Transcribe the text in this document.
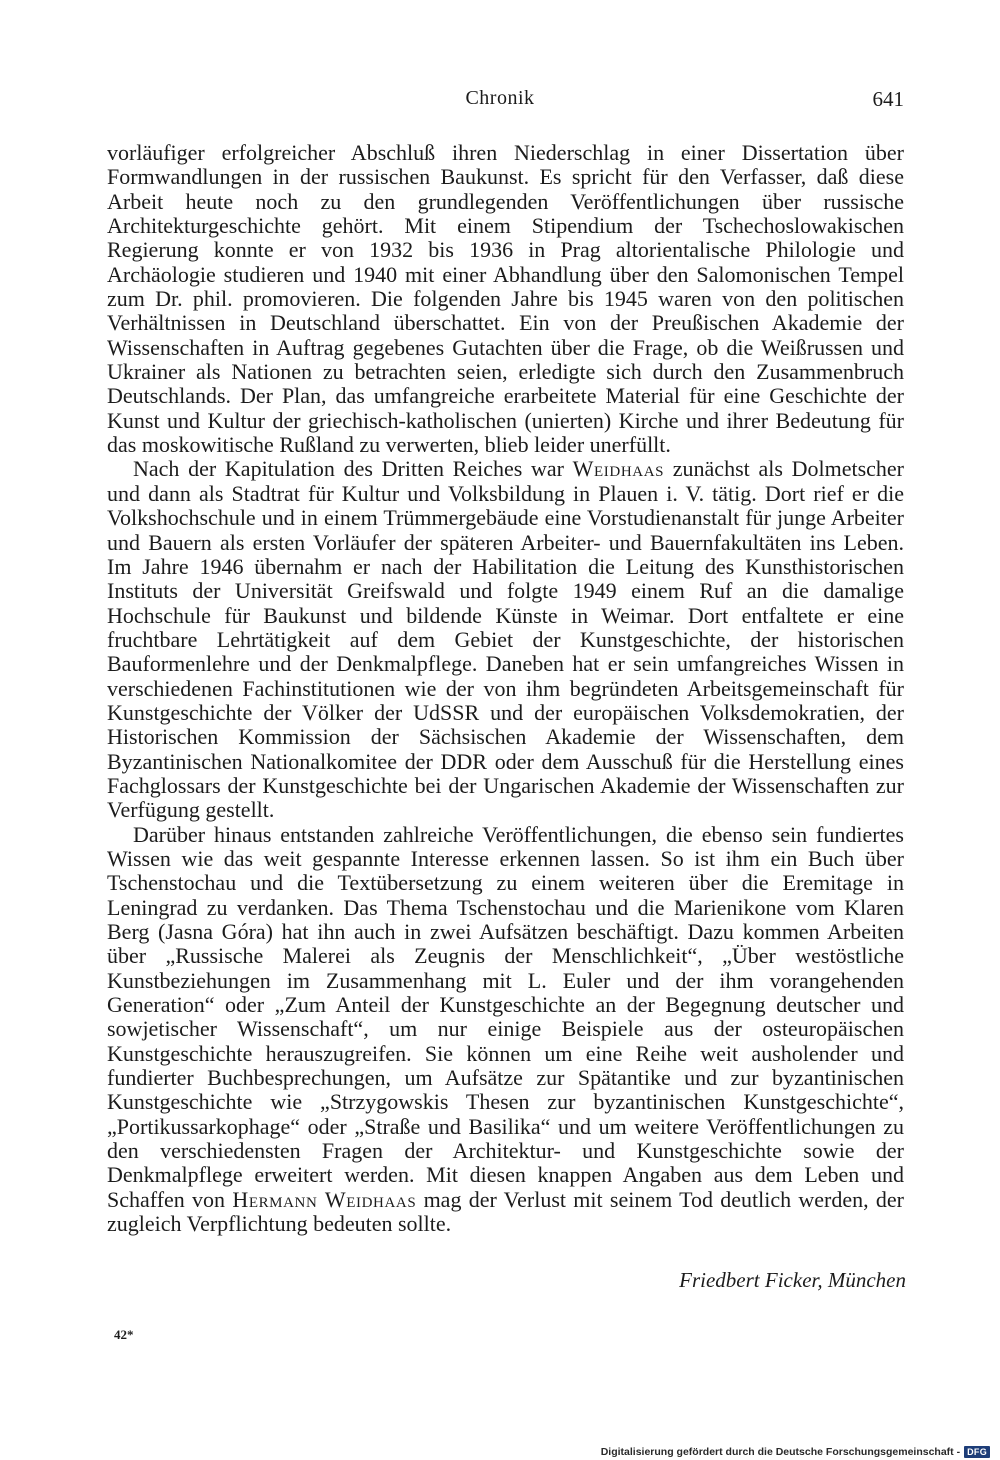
Chronik	641

vorläufiger erfolgreicher Abschluß ihren Niederschlag in einer Dissertation über Formwandlungen in der russischen Baukunst. Es spricht für den Verfasser, daß diese Arbeit heute noch zu den grundlegenden Veröffentlichungen über russische Architekturgeschichte gehört. Mit einem Stipendium der Tschechoslowakischen Regierung konnte er von 1932 bis 1936 in Prag altorientalische Philologie und Archäologie studieren und 1940 mit einer Abhandlung über den Salomonischen Tempel zum Dr. phil. promovieren. Die folgenden Jahre bis 1945 waren von den politischen Verhältnissen in Deutschland überschattet. Ein von der Preußischen Akademie der Wissenschaften in Auftrag gegebenes Gutachten über die Frage, ob die Weißrussen und Ukrainer als Nationen zu betrachten seien, erledigte sich durch den Zusammenbruch Deutschlands. Der Plan, das umfangreiche erarbeitete Material für eine Geschichte der Kunst und Kultur der griechisch-katholischen (unierten) Kirche und ihrer Bedeutung für das moskowitische Rußland zu verwerten, blieb leider unerfüllt.

Nach der Kapitulation des Dritten Reiches war Weidhaas zunächst als Dolmetscher und dann als Stadtrat für Kultur und Volksbildung in Plauen i. V. tätig. Dort rief er die Volkshochschule und in einem Trümmergebäude eine Vorstudienanstalt für junge Arbeiter und Bauern als ersten Vorläufer der späteren Arbeiter- und Bauernfakultäten ins Leben. Im Jahre 1946 übernahm er nach der Habilitation die Leitung des Kunsthistorischen Instituts der Universität Greifswald und folgte 1949 einem Ruf an die damalige Hochschule für Baukunst und bildende Künste in Weimar. Dort entfaltete er eine fruchtbare Lehrtätigkeit auf dem Gebiet der Kunstgeschichte, der historischen Bauformenlehre und der Denkmalpflege. Daneben hat er sein umfangreiches Wissen in verschiedenen Fachinstitutionen wie der von ihm begründeten Arbeitsgemeinschaft für Kunstgeschichte der Völker der UdSSR und der europäischen Volksdemokratien, der Historischen Kommission der Sächsischen Akademie der Wissenschaften, dem Byzantinischen Nationalkomitee der DDR oder dem Ausschuß für die Herstellung eines Fachglossars der Kunstgeschichte bei der Ungarischen Akademie der Wissenschaften zur Verfügung gestellt.

Darüber hinaus entstanden zahlreiche Veröffentlichungen, die ebenso sein fundiertes Wissen wie das weit gespannte Interesse erkennen lassen. So ist ihm ein Buch über Tschenstochau und die Textübersetzung zu einem weiteren über die Eremitage in Leningrad zu verdanken. Das Thema Tschenstochau und die Marienikone vom Klaren Berg (Jasna Góra) hat ihn auch in zwei Aufsätzen beschäftigt. Dazu kommen Arbeiten über „Russische Malerei als Zeugnis der Menschlichkeit“, „Über westöstliche Kunstbeziehungen im Zusammenhang mit L. Euler und der ihm vorangehenden Generation“ oder „Zum Anteil der Kunstgeschichte an der Begegnung deutscher und sowjetischer Wissenschaft“, um nur einige Beispiele aus der osteuropäischen Kunstgeschichte herauszugreifen. Sie können um eine Reihe weit ausholender und fundierter Buchbesprechungen, um Aufsätze zur Spätantike und zur byzantinischen Kunstgeschichte wie „Strzygowskis Thesen zur byzantinischen Kunstgeschichte“, „Portikussarkophage“ oder „Straße und Basilika“ und um weitere Veröffentlichungen zu den verschiedensten Fragen der Architektur- und Kunstgeschichte sowie der Denkmalpflege erweitert werden. Mit diesen knappen Angaben aus dem Leben und Schaffen von Hermann Weidhaas mag der Verlust mit seinem Tod deutlich werden, der zugleich Verpflichtung bedeuten sollte.

Friedbert Ficker, München
42*
Digitalisierung gefördert durch die Deutsche Forschungsgemeinschaft - DFG
